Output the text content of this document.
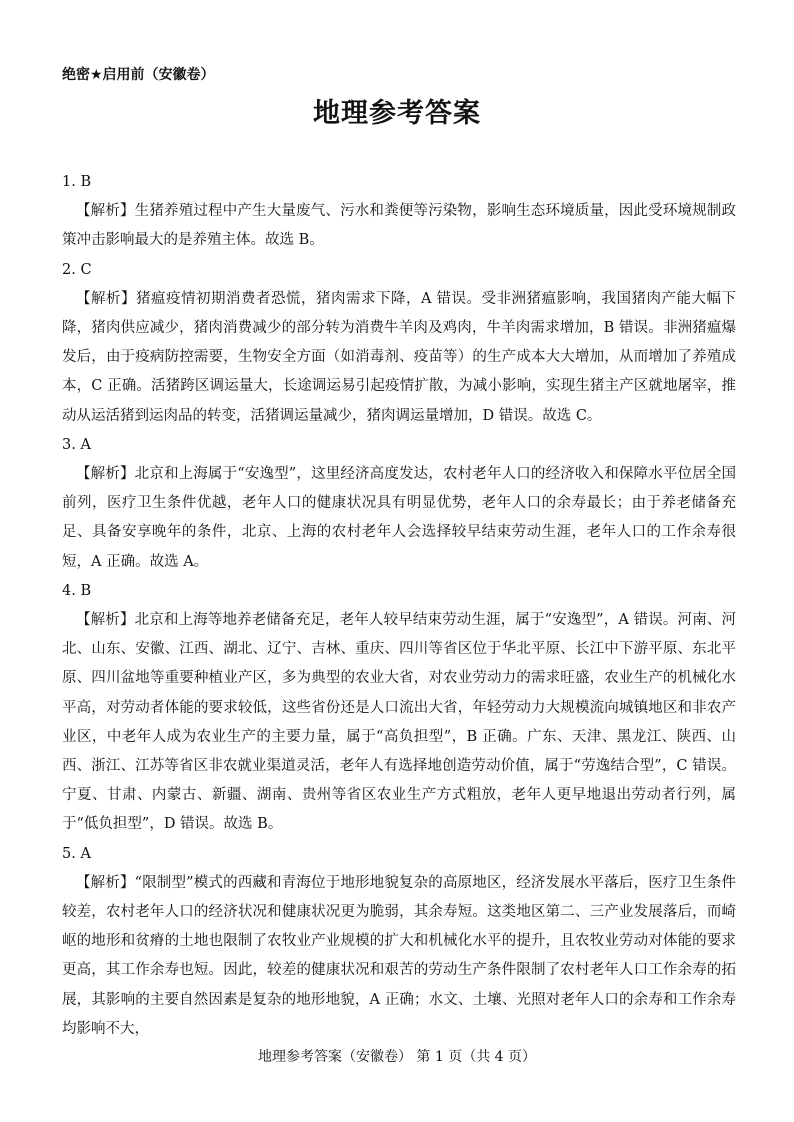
绝密★启用前（安徽卷）
地理参考答案
1. B
【解析】生猪养殖过程中产生大量废气、污水和粪便等污染物，影响生态环境质量，因此受环境规制政策冲击影响最大的是养殖主体。故选 B。
2. C
【解析】猪瘟疫情初期消费者恐慌，猪肉需求下降，A 错误。受非洲猪瘟影响，我国猪肉产能大幅下降，猪肉供应减少，猪肉消费减少的部分转为消费牛羊肉及鸡肉，牛羊肉需求增加，B 错误。非洲猪瘟爆发后，由于疫病防控需要，生物安全方面（如消毒剂、疫苗等）的生产成本大大增加，从而增加了养殖成本，C 正确。活猪跨区调运量大，长途调运易引起疫情扩散，为减小影响，实现生猪主产区就地屠宰，推动从运活猪到运肉品的转变，活猪调运量减少，猪肉调运量增加，D 错误。故选 C。
3. A
【解析】北京和上海属于“安逸型”，这里经济高度发达，农村老年人口的经济收入和保障水平位居全国前列，医疗卫生条件优越，老年人口的健康状况具有明显优势，老年人口的余寿最长；由于养老储备充足、具备安享晚年的条件，北京、上海的农村老年人会选择较早结束劳动生涯，老年人口的工作余寿很短，A 正确。故选 A。
4. B
【解析】北京和上海等地养老储备充足，老年人较早结束劳动生涯，属于“安逸型”，A 错误。河南、河北、山东、安徽、江西、湖北、辽宁、吉林、重庆、四川等省区位于华北平原、长江中下游平原、东北平原、四川盆地等重要种植业产区，多为典型的农业大省，对农业劳动力的需求旺盛，农业生产的机械化水平高，对劳动者体能的要求较低，这些省份还是人口流出大省，年轻劳动力大规模流向城镇地区和非农产业区，中老年人成为农业生产的主要力量，属于“高负担型”，B 正确。广东、天津、黑龙江、陕西、山西、浙江、江苏等省区非农就业渠道灵活，老年人有选择地创造劳动价值，属于“劳逸结合型”，C 错误。宁夏、甘肃、内蒙古、新疆、湖南、贵州等省区农业生产方式粗放，老年人更早地退出劳动者行列，属于“低负担型”，D 错误。故选 B。
5. A
【解析】“限制型”模式的西藏和青海位于地形地貌复杂的高原地区，经济发展水平落后，医疗卫生条件较差，农村老年人口的经济状况和健康状况更为脆弱，其余寿短。这类地区第二、三产业发展落后，而崎岖的地形和贫瘠的土地也限制了农牧业产业规模的扩大和机械化水平的提升，且农牧业劳动对体能的要求更高，其工作余寿也短。因此，较差的健康状况和艰苦的劳动生产条件限制了农村老年人口工作余寿的拓展，其影响的主要自然因素是复杂的地形地貌，A 正确；水文、土壤、光照对老年人口的余寿和工作余寿均影响不大，
地理参考答案（安徽卷） 第 1 页（共 4 页）
